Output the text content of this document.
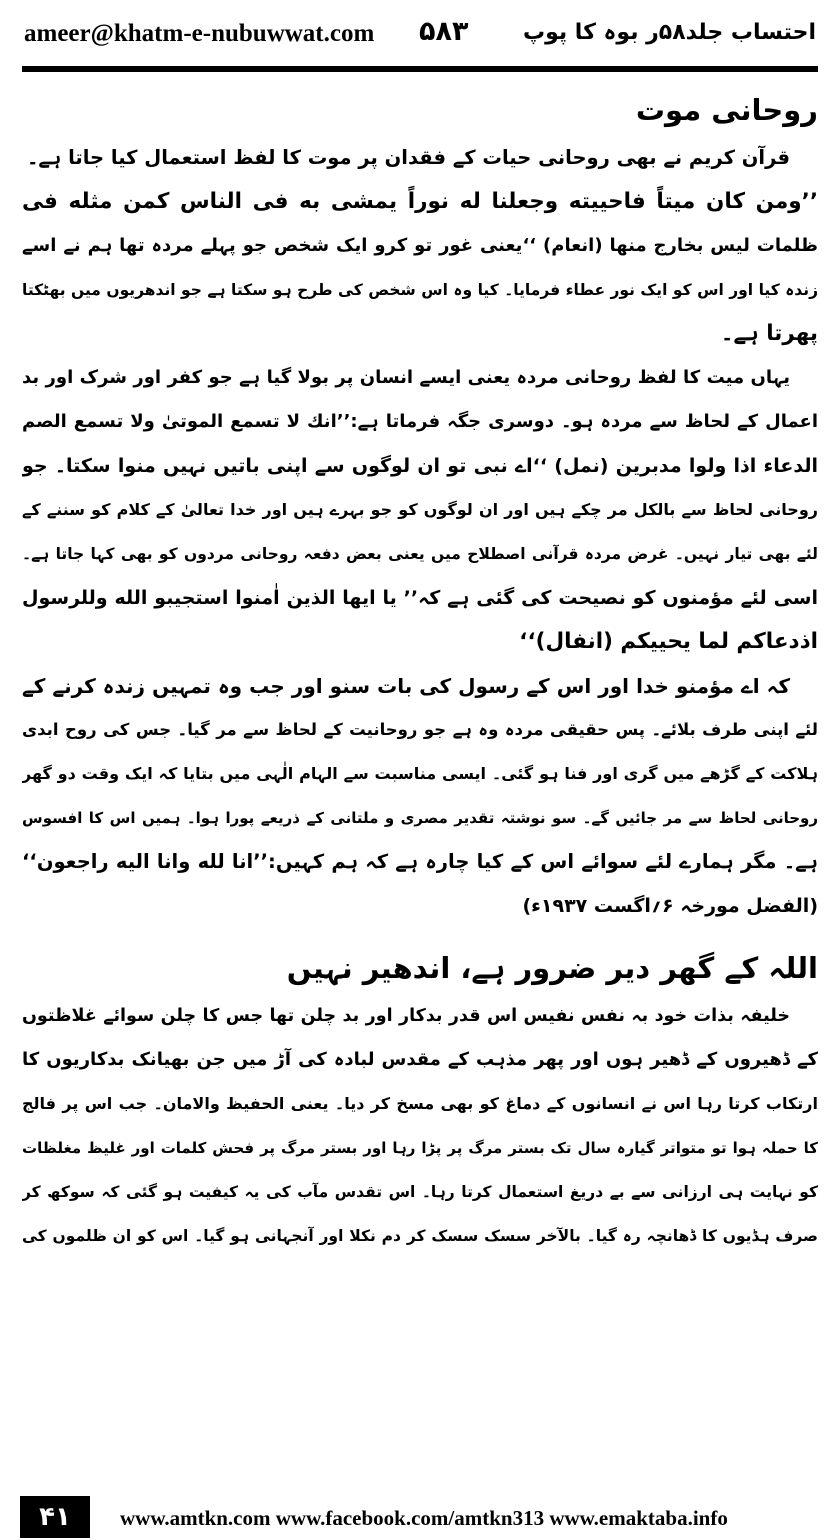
ameer@khatm-e-nubuwwat.com ۵۸۳ احتساب جلد۵۸ر بوہ کا پوپ
روحانی موت
قرآن کریم نے بھی روحانی حیات کے فقدان پر موت کا لفظ استعمال کیا جاتا ہے۔
’’ومن کان میتاً فاحییته وجعلنا له نوراً یمشی به فی الناس کمن مثله فی
ظلمات لیس بخارج منها (انعام) ‘‘یعنی غور تو کرو ایک شخص جو پہلے مردہ تھا ہم نے اسے
زندہ کیا اور اس کو ایک نور عطاء فرمایا۔ کیا وہ اس شخص کی طرح ہو سکتا ہے جو اندھریوں میں بھٹکتا
پھرتا ہے۔
یہاں میت کا لفظ روحانی مردہ یعنی ایسے انسان پر بولا گیا ہے جو کفر اور شرک اور بد
اعمال کے لحاظ سے مردہ ہو۔ دوسری جگہ فرماتا ہے:’’انك لا تسمع الموتیٰ ولا تسمع الصم
الدعاء اذا ولوا مدبرین (نمل) ‘‘اے نبی تو ان لوگوں سے اپنی باتیں نہیں منوا سکتا۔ جو
روحانی لحاظ سے بالکل مر چکے ہیں اور ان لوگوں کو جو بہرے ہیں اور خدا تعالیٰ کے کلام کو سننے کے
لئے بھی تیار نہیں۔ غرض مردہ قرآنی اصطلاح میں یعنی بعض دفعہ روحانی مردوں کو بھی کہا جاتا ہے۔
اسی لئے مؤمنوں کو نصیحت کی گئی ہے کہ’’ یا ایها الذین اٰمنوا استجیبو الله وللرسول
اذدعاکم لما یحییکم (انفال)‘‘
کہ اے مؤمنو خدا اور اس کے رسول کی بات سنو اور جب وہ تمہیں زندہ کرنے کے
لئے اپنی طرف بلائے۔ پس حقیقی مردہ وہ ہے جو روحانیت کے لحاظ سے مر گیا۔ جس کی روح ابدی
ہلاکت کے گڑھے میں گری اور فنا ہو گئی۔ ایسی مناسبت سے الہام الٰہی میں بتایا کہ ایک وقت دو گھر
روحانی لحاظ سے مر جائیں گے۔ سو نوشتہ تقدیر مصری و ملتانی کے ذریعے پورا ہوا۔ ہمیں اس کا افسوس
ہے۔ مگر ہمارے لئے سوائے اس کے کیا چارہ ہے کہ ہم کہیں:’’انا لله وانا الیه راجعون‘‘
(الفضل مورخہ ۶؍اگست ۱۹۳۷ء)
اللہ کے گھر دیر ضرور ہے، اندھیر نہیں
خلیفہ بذات خود بہ نفس نفیس اس قدر بدکار اور بد چلن تھا جس کا چلن سوائے غلاظتوں
کے ڈھیروں کے ڈھیر ہوں اور پھر مذہب کے مقدس لبادہ کی آڑ میں جن بھیانک بدکاریوں کا
ارتکاب کرتا رہا اس نے انسانوں کے دماغ کو بھی مسخ کر دیا۔ یعنی الحفیظ والامان۔ جب اس پر فالج
کا حملہ ہوا تو متواتر گیارہ سال تک بستر مرگ پر پڑا رہا اور بستر مرگ پر فحش کلمات اور غلیظ مغلظات
کو نہایت ہی ارزانی سے بے دریغ استعمال کرتا رہا۔ اس تقدس مآب کی یہ کیفیت ہو گئی کہ سوکھ کر
صرف ہڈیوں کا ڈھانچہ رہ گیا۔ بالآخر سسک سسک کر دم نکلا اور آنجہانی ہو گیا۔ اس کو ان ظلموں کی
۴۱	www.amtkn.com www.facebook.com/amtkn313 www.emaktaba.info
